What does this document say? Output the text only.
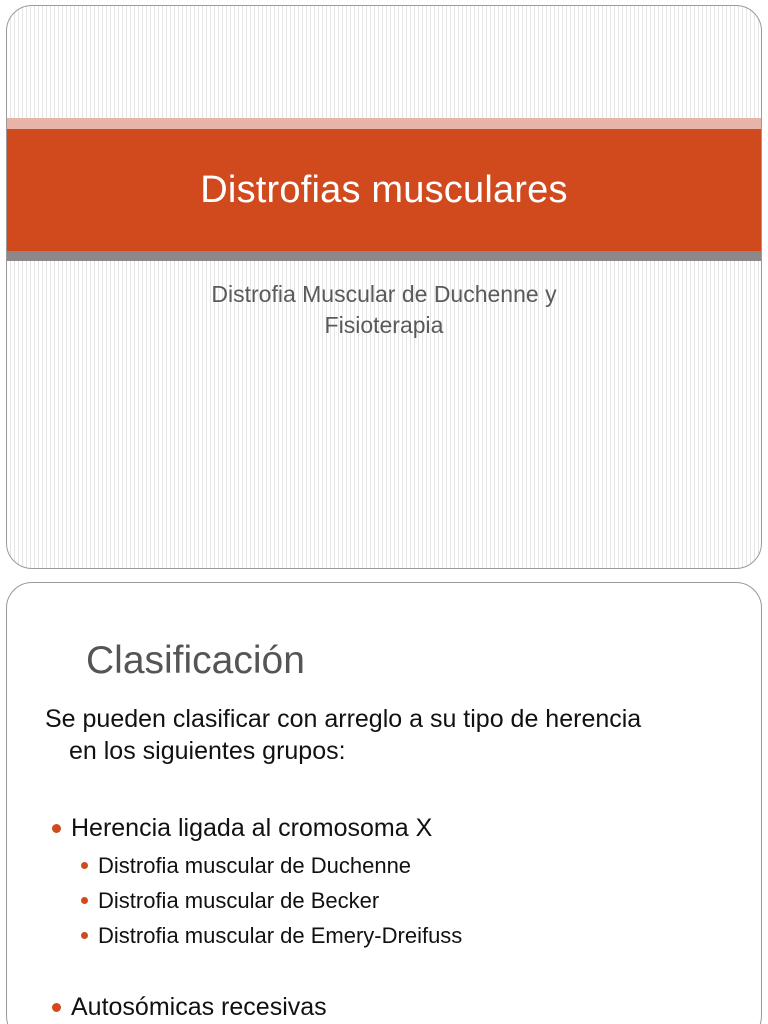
Distrofias musculares
Distrofia Muscular de Duchenne y
Fisioterapia
Clasificación

Se pueden clasificar con arreglo a su tipo de herencia
en los siguientes grupos:

Herencia ligada al cromosoma X

Distrofia muscular de Duchenne

Distrofia muscular de Becker

Distrofia muscular de Emery-Dreifuss

Autosómicas recesivas
